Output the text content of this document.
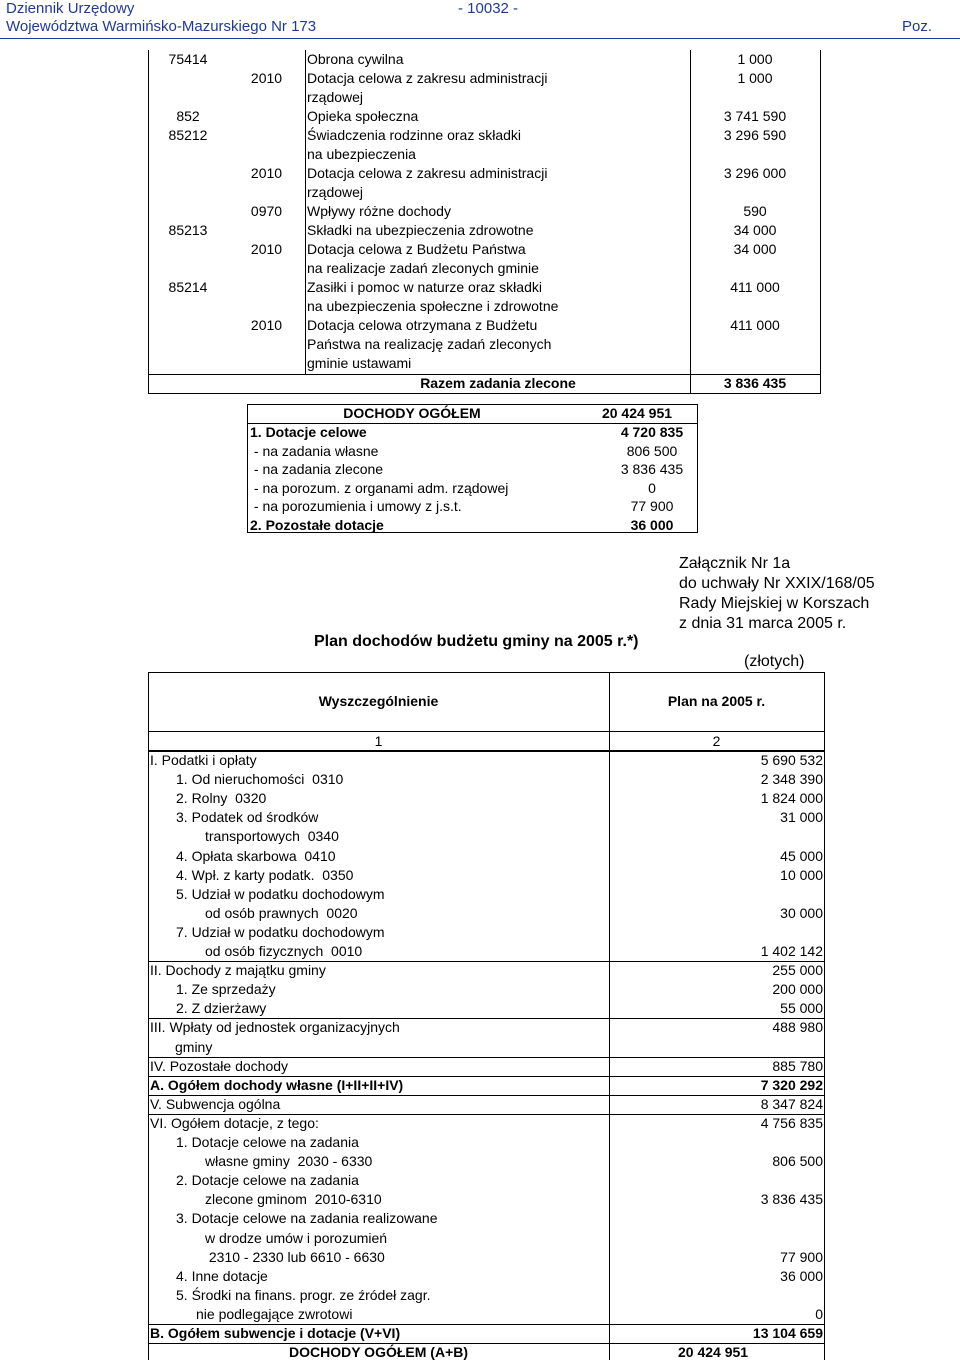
Dziennik Urzędowy
Województwa Warmińsko-Mazurskiego Nr 173
- 10032 -
Poz.
75414	Obrona cywilna	1 000
2010	Dotacja celowa z zakresu administracji	1 000
rządowej
852	Opieka społeczna	3 741 590
85212	Świadczenia rodzinne oraz składki	3 296 590
na ubezpieczenia
2010	Dotacja celowa z zakresu administracji	3 296 000
rządowej
0970	Wpływy różne dochody	590
85213	Składki na ubezpieczenia zdrowotne	34 000
2010	Dotacja celowa z Budżetu Państwa	34 000
na realizacje zadań zleconych gminie
85214	Zasiłki i pomoc w naturze oraz składki	411 000
na ubezpieczenia społeczne i zdrowotne
2010	Dotacja celowa otrzymana z Budżetu	411 000
Państwa na realizację zadań zleconych
gminie ustawami
Razem zadania zlecone	3 836 435
DOCHODY OGÓŁEM	20 424 951
1. Dotacje celowe	4 720 835
- na zadania własne	806 500
- na zadania zlecone	3 836 435
- na porozum. z organami adm. rządowej	0
- na porozumienia i umowy z j.s.t.	77 900
2. Pozostałe dotacje	36 000
Załącznik Nr 1a
do uchwały Nr XXIX/168/05
Rady Miejskiej w Korszach
z dnia 31 marca 2005 r.
Plan dochodów budżetu gminy na 2005 r.*)
(złotych)
Wyszczególnienie	Plan na 2005 r.
1	2
I. Podatki i opłaty	5 690 532
1. Od nieruchomości  0310	2 348 390
2. Rolny  0320	1 824 000
3. Podatek od środków	31 000
transportowych  0340
4. Opłata skarbowa  0410	45 000
4. Wpł. z karty podatk.  0350	10 000
5. Udział w podatku dochodowym
od osób prawnych  0020	30 000
7. Udział w podatku dochodowym
od osób fizycznych  0010	1 402 142
II. Dochody z majątku gminy	255 000
1. Ze sprzedaży	200 000
2. Z dzierżawy	55 000
III. Wpłaty od jednostek organizacyjnych	488 980
gminy
IV. Pozostałe dochody	885 780
A. Ogółem dochody własne (I+II+II+IV)	7 320 292
V. Subwencja ogólna	8 347 824
VI. Ogółem dotacje, z tego:	4 756 835
1. Dotacje celowe na zadania
własne gminy  2030 - 6330	806 500
2. Dotacje celowe na zadania
zlecone gminom  2010-6310	3 836 435
3. Dotacje celowe na zadania realizowane
w drodze umów i porozumień
2310 - 2330 lub 6610 - 6630	77 900
4. Inne dotacje	36 000
5. Środki na finans. progr. ze źródeł zagr.
nie podlegające zwrotowi	0
B. Ogółem subwencje i dotacje (V+VI)	13 104 659
DOCHODY OGÓŁEM (A+B)	20 424 951
